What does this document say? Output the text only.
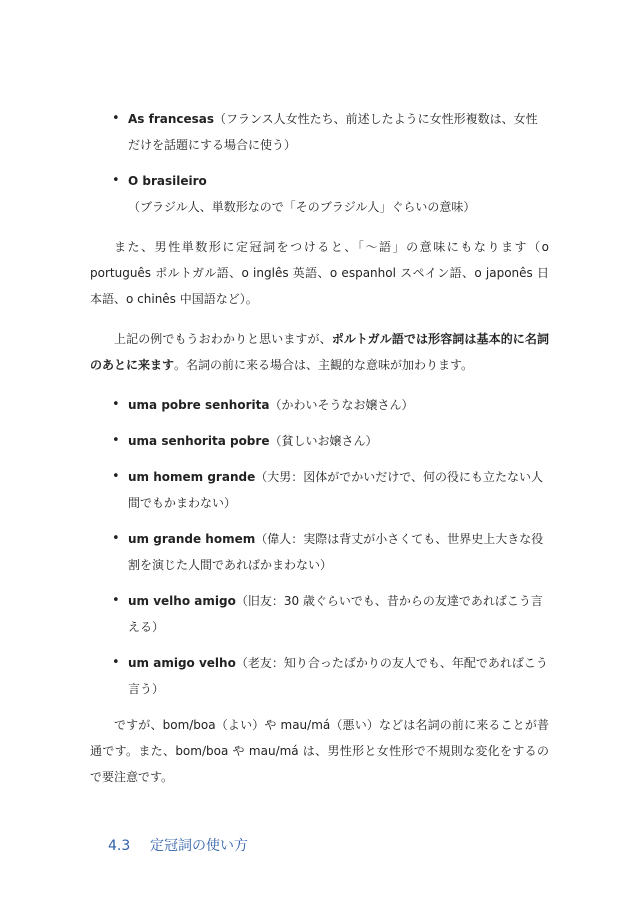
• As francesas（フランス人女性たち、前述したように女性形複数は、女性だけを話題にする場合に使う）
• O brasileiro（ブラジル人、単数形なので「そのブラジル人」ぐらいの意味）

また、男性単数形に定冠詞をつけると、「～語」の意味にもなります（o português ポルトガル語、o inglês 英語、o espanhol スペイン語、o japonês 日本語、o chinês 中国語など）。

上記の例でもうおわかりと思いますが、ポルトガル語では形容詞は基本的に名詞のあとに来ます。名詞の前に来る場合は、主観的な意味が加わります。

• uma pobre senhorita（かわいそうなお嬢さん）
• uma senhorita pobre（貧しいお嬢さん）
• um homem grande（大男：図体がでかいだけで、何の役にも立たない人間でもかまわない）
• um grande homem（偉人：実際は背丈が小さくても、世界史上大きな役割を演じた人間であればかまわない）
• um velho amigo（旧友：30 歳ぐらいでも、昔からの友達であればこう言える）
• um amigo velho（老友：知り合ったばかりの友人でも、年配であればこう言う）

ですが、bom/boa（よい）や mau/má（悪い）などは名詞の前に来ることが普通です。また、bom/boa や mau/má は、男性形と女性形で不規則な変化をするので要注意です。

4.3 定冠詞の使い方
